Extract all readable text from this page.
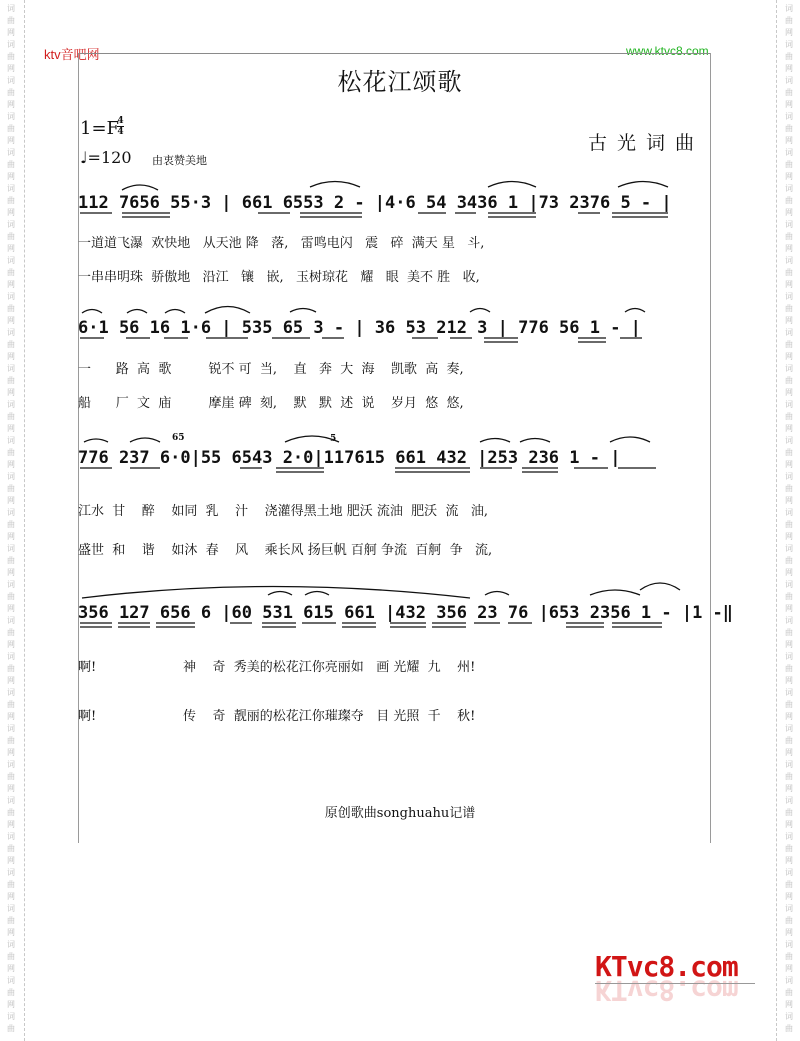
词
曲
网
词
曲
网
词
曲
网
词
曲
网
词
曲
网
词
曲
网
词
曲
网
词
曲
网
词
曲
网
词
曲
网
词
曲
网
词
曲
网
词
曲
网
词
曲
网
词
曲
网
词
曲
网
词
曲
网
词
曲
网
词
曲
网
词
曲
网
词
曲
网
词
曲
网
词
曲
网
词
曲
网
词
曲
网
词
曲
网
词
曲
网
词
曲
网
词
曲
词
曲
网
词
曲
网
词
曲
网
词
曲
网
词
曲
网
词
曲
网
词
曲
网
词
曲
网
词
曲
网
词
曲
网
词
曲
网
词
曲
网
词
曲
网
词
曲
网
词
曲
网
词
曲
网
词
曲
网
词
曲
网
词
曲
网
词
曲
网
词
曲
网
词
曲
网
词
曲
网
词
曲
网
词
曲
网
词
曲
网
词
曲
网
词
曲
网
词
曲
ktv音吧网	www.ktvc8.com
松花江颂歌
1=F
4
4
♩=120 由衷赞美地
古光词曲
112 7656 55·3 | 661 6553 2 - |4·6 54 3436 1 |73 2376 5 - |
一道道飞瀑  欢快地   从天池 降   落,   雷鸣电闪   震   碎  满天 星   斗,
一串串明珠  骄傲地   沿江   镶   嵌,   玉树琼花   耀   眼  美不 胜   收,
6·1 56 16 1·6 | 535 65 3 - | 36 53 212 3 | 776 56 1 - |
一      路  高  歌         锐不 可  当,    直   奔  大  海    凯歌  高  奏,
船      厂  文  庙         摩崖 碑  刻,    默   默  述  说    岁月  悠  悠,
776 237 6·0|55 6543 2·0|117615 661 432 |253 236 1 - |
65	5
江水  甘    醉    如同  乳    汁    浇灌得黑土地 肥沃 流油  肥沃  流   油,
盛世  和    谐    如沐  春    风    乘长风 扬巨帆 百舸 争流  百舸  争   流,
356 127 656 6 |60 531 615 661 |432 356 23 76 |653 2356 1 - |1 -‖
啊!                     神    奇  秀美的松花江你亮丽如   画 光耀  九    州!
啊!                     传    奇  靓丽的松花江你璀璨夺   目 光照  千    秋!
原创歌曲songhuahu记谱
KTvc8.com
KTvc8.com
